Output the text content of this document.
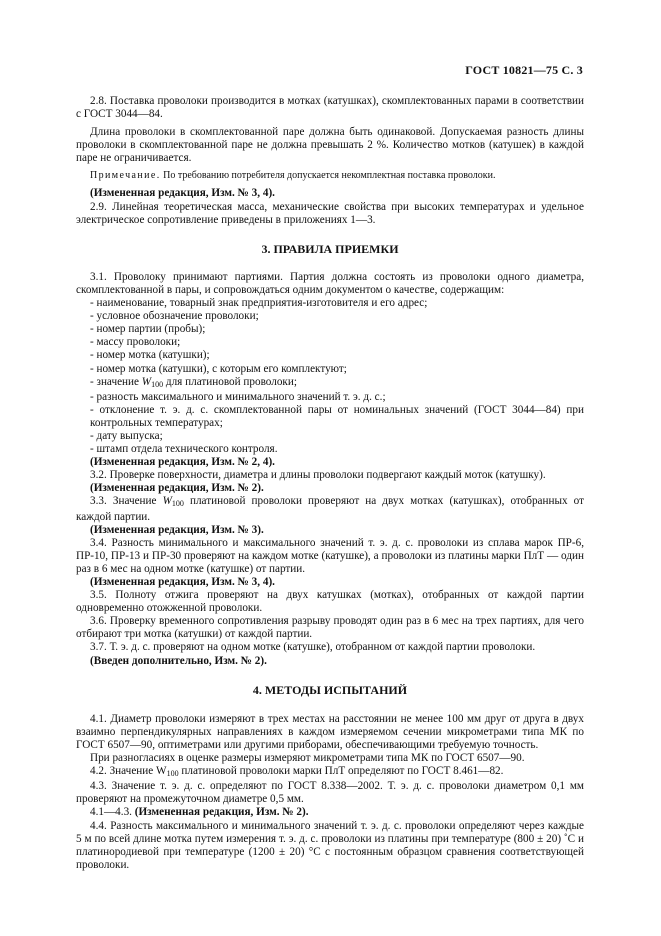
ГОСТ 10821—75 С. 3

2.8. Поставка проволоки производится в мотках (катушках), скомплектованных парами в соответствии с ГОСТ 3044—84.

Длина проволоки в скомплектованной паре должна быть одинаковой. Допускаемая разность длины проволоки в скомплектованной паре не должна превышать 2 %. Количество мотков (катушек) в каждой паре не ограничивается.

Примечание. По требованию потребителя допускается некомплектная поставка проволоки.

(Измененная редакция, Изм. № 3, 4).

2.9. Линейная теоретическая масса, механические свойства при высоких температурах и удельное электрическое сопротивление приведены в приложениях 1—3.

3. ПРАВИЛА ПРИЕМКИ

3.1. Проволоку принимают партиями. Партия должна состоять из проволоки одного диаметра, скомплектованной в пары, и сопровождаться одним документом о качестве, содержащим:

- наименование, товарный знак предприятия-изготовителя и его адрес;

- условное обозначение проволоки;

- номер партии (пробы);

- массу проволоки;

- номер мотка (катушки);

- номер мотка (катушки), с которым его комплектуют;

- значение $W_{100}$ для платиновой проволоки;

- разность максимального и минимального значений т. э. д. с.;

- отклонение т. э. д. с. скомплектованной пары от номинальных значений (ГОСТ 3044—84) при контрольных температурах;

- дату выпуска;

- штамп отдела технического контроля.

(Измененная редакция, Изм. № 2, 4).

3.2. Проверке поверхности, диаметра и длины проволоки подвергают каждый моток (катушку).

(Измененная редакция, Изм. № 2).

3.3. Значение $W_{100}$ платиновой проволоки проверяют на двух мотках (катушках), отобранных от каждой партии.

(Измененная редакция, Изм. № 3).

3.4. Разность минимального и максимального значений т. э. д. с. проволоки из сплава марок ПР-6, ПР-10, ПР-13 и ПР-30 проверяют на каждом мотке (катушке), а проволоки из платины марки ПлТ — один раз в 6 мес на одном мотке (катушке) от партии.

(Измененная редакция, Изм. № 3, 4).

3.5. Полноту отжига проверяют на двух катушках (мотках), отобранных от каждой партии одновременно отожженной проволоки.

3.6. Проверку временного сопротивления разрыву проводят один раз в 6 мес на трех партиях, для чего отбирают три мотка (катушки) от каждой партии.

3.7. Т. э. д. с. проверяют на одном мотке (катушке), отобранном от каждой партии проволоки.

(Введен дополнительно, Изм. № 2).

4. МЕТОДЫ ИСПЫТАНИЙ

4.1. Диаметр проволоки измеряют в трех местах на расстоянии не менее 100 мм друг от друга в двух взаимно перпендикулярных направлениях в каждом измеряемом сечении микрометрами типа МК по ГОСТ 6507—90, оптиметрами или другими приборами, обеспечивающими требуемую точность.

При разногласиях в оценке размеры измеряют микрометрами типа МК по ГОСТ 6507—90.

4.2. Значение $W_{100}$ платиновой проволоки марки ПлТ определяют по ГОСТ 8.461—82.

4.3. Значение т. э. д. с. определяют по ГОСТ 8.338—2002. Т. э. д. с. проволоки диаметром 0,1 мм проверяют на промежуточном диаметре 0,5 мм.

4.1—4.3. (Измененная редакция, Изм. № 2).

4.4. Разность максимального и минимального значений т. э. д. с. проволоки определяют через каждые 5 м по всей длине мотка путем измерения т. э. д. с. проволоки из платины при температуре (800 ± 20) ˚С и платинородиевой при температуре (1200 ± 20) °С с постоянным образцом сравнения соответствующей проволоки.
